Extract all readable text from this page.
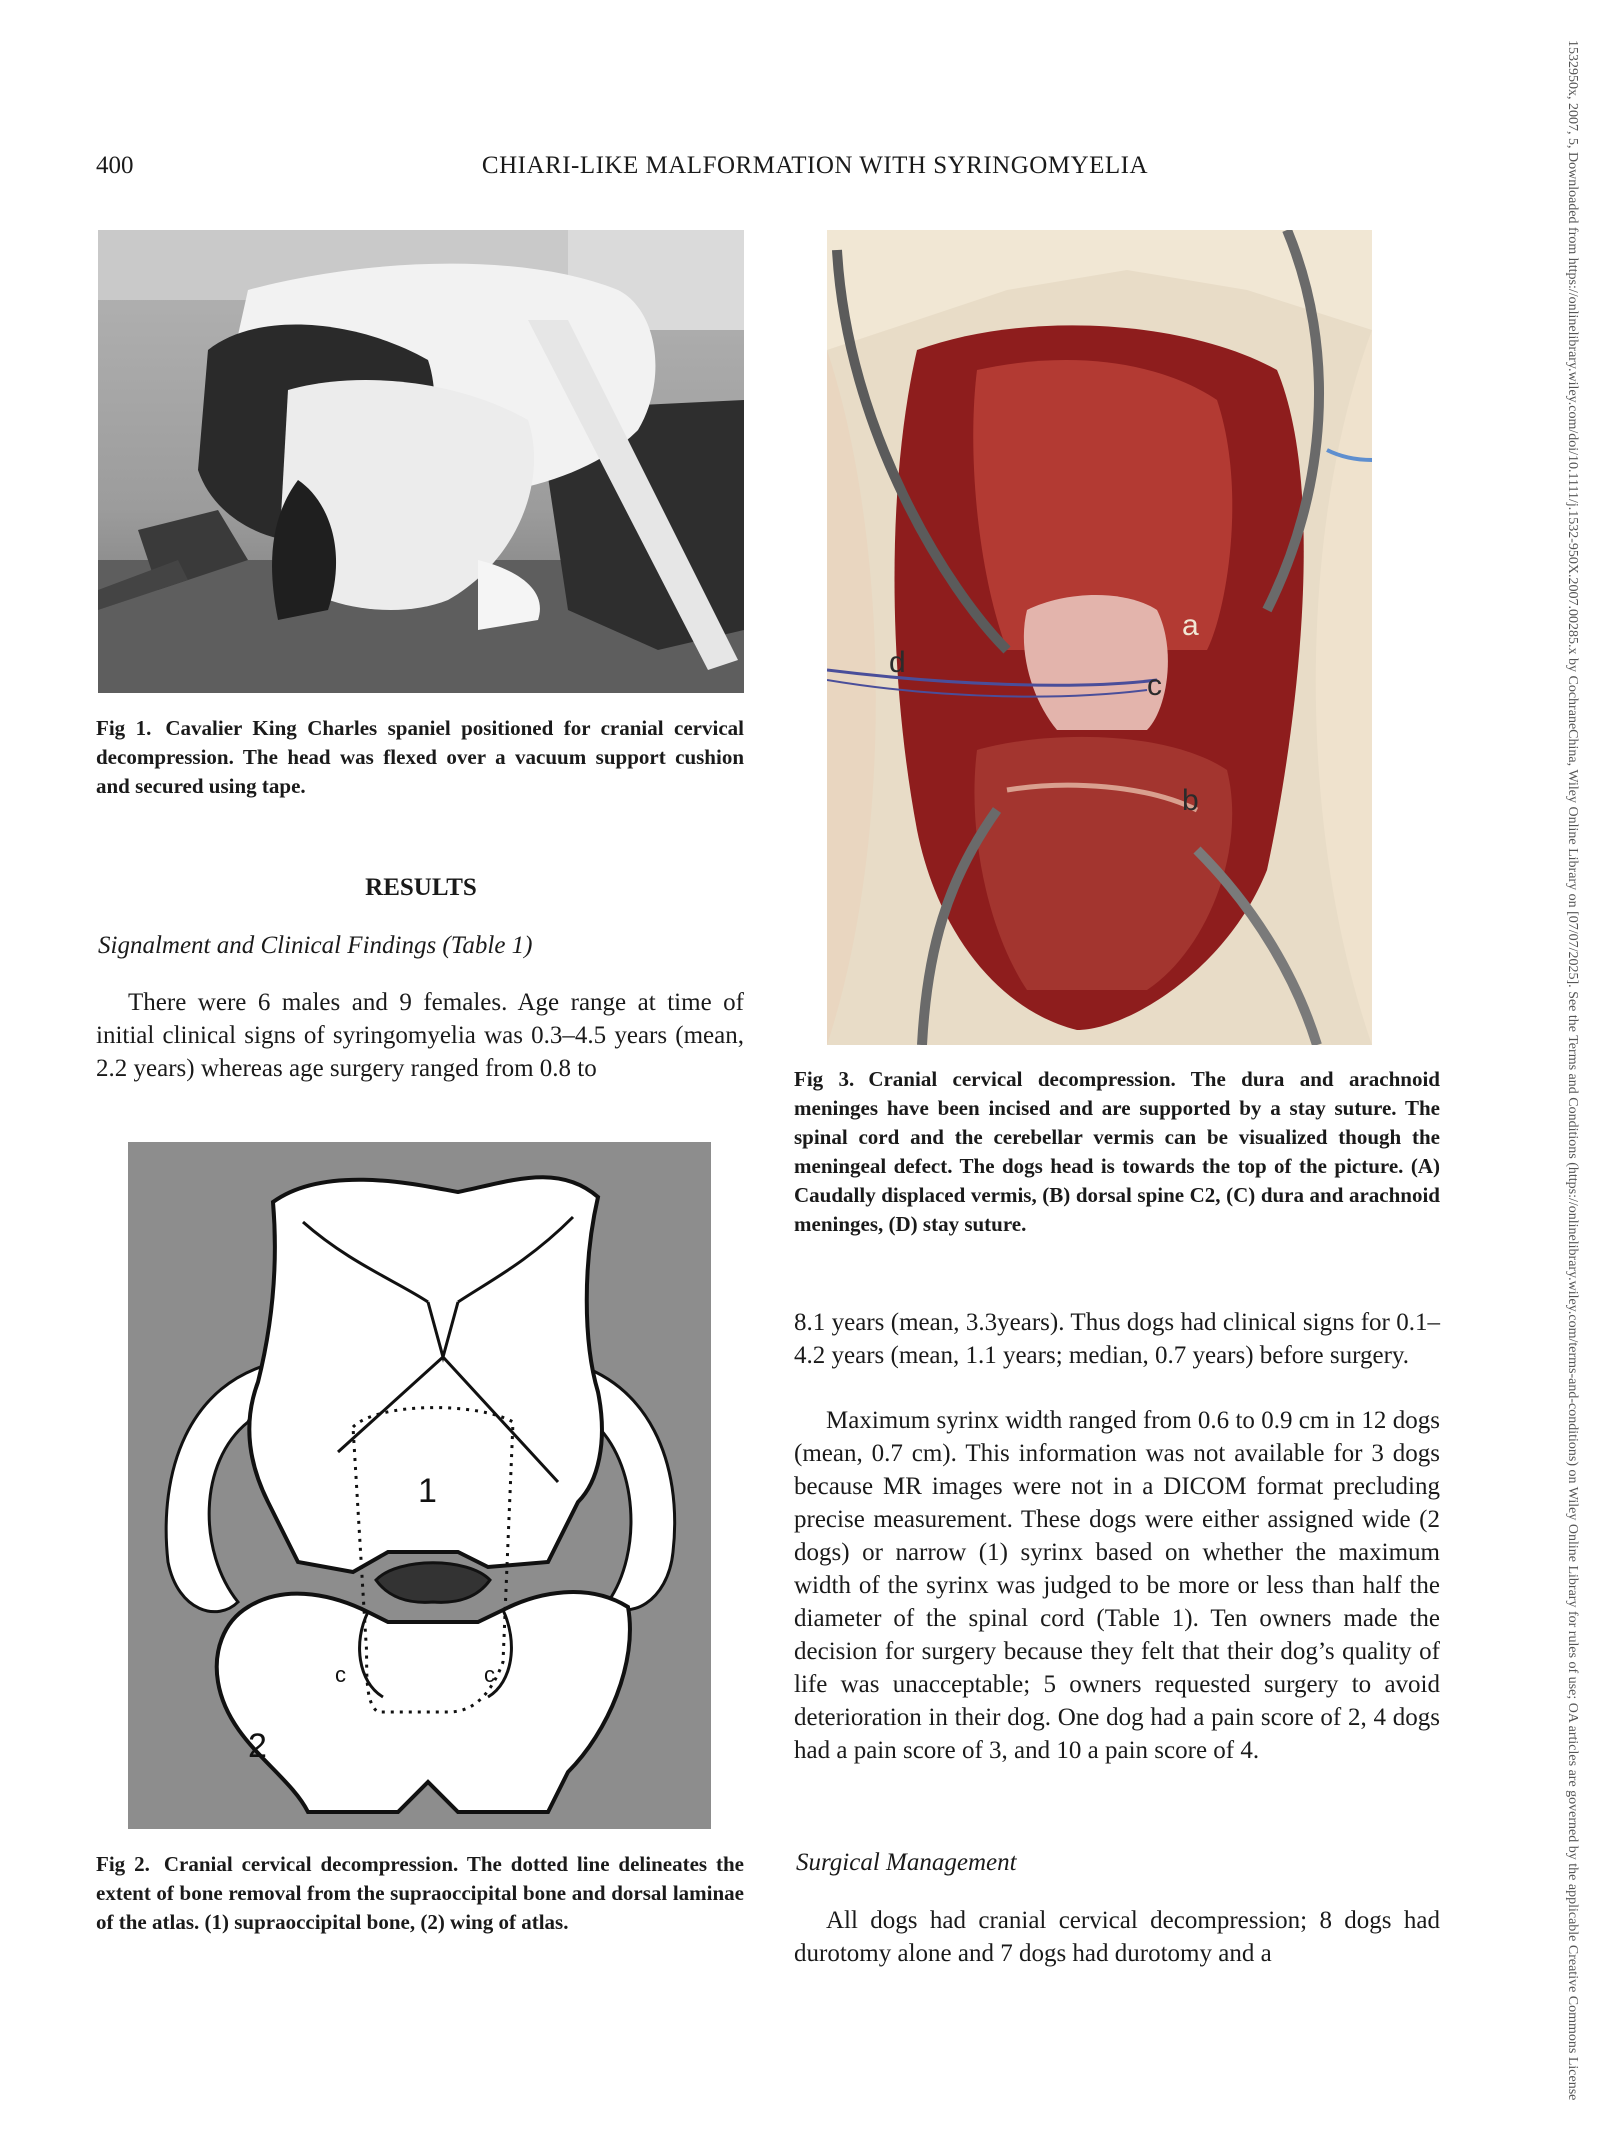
400	CHIARI-LIKE MALFORMATION WITH SYRINGOMYELIA

Fig 1. Cavalier King Charles spaniel positioned for cranial cervical decompression. The head was flexed over a vacuum support cushion and secured using tape.

RESULTS

Signalment and Clinical Findings (Table 1)

There were 6 males and 9 females. Age range at time of initial clinical signs of syringomyelia was 0.3–4.5 years (mean, 2.2 years) whereas age surgery ranged from 0.8 to

1
2
c	c

Fig 2. Cranial cervical decompression. The dotted line delineates the extent of bone removal from the supraoccipital bone and dorsal laminae of the atlas. (1) supraoccipital bone, (2) wing of atlas.

a
b
c
d

Fig 3. Cranial cervical decompression. The dura and arachnoid meninges have been incised and are supported by a stay suture. The spinal cord and the cerebellar vermis can be visualized though the meningeal defect. The dogs head is towards the top of the picture. (A) Caudally displaced vermis, (B) dorsal spine C2, (C) dura and arachnoid meninges, (D) stay suture.

8.1 years (mean, 3.3years). Thus dogs had clinical signs for 0.1–4.2 years (mean, 1.1 years; median, 0.7 years) before surgery.

Maximum syrinx width ranged from 0.6 to 0.9 cm in 12 dogs (mean, 0.7 cm). This information was not available for 3 dogs because MR images were not in a DICOM format precluding precise measurement. These dogs were either assigned wide (2 dogs) or narrow (1) syrinx based on whether the maximum width of the syrinx was judged to be more or less than half the diameter of the spinal cord (Table 1). Ten owners made the decision for surgery because they felt that their dog’s quality of life was unacceptable; 5 owners requested surgery to avoid deterioration in their dog. One dog had a pain score of 2, 4 dogs had a pain score of 3, and 10 a pain score of 4.

Surgical Management

All dogs had cranial cervical decompression; 8 dogs had durotomy alone and 7 dogs had durotomy and a	1532950x, 2007, 5, Downloaded from https://onlinelibrary.wiley.com/doi/10.1111/j.1532-950X.2007.00285.x by CochraneChina, Wiley Online Library on [07/07/2025]. See the Terms and Conditions (https://onlinelibrary.wiley.com/terms-and-conditions) on Wiley Online Library for rules of use; OA articles are governed by the applicable Creative Commons License
